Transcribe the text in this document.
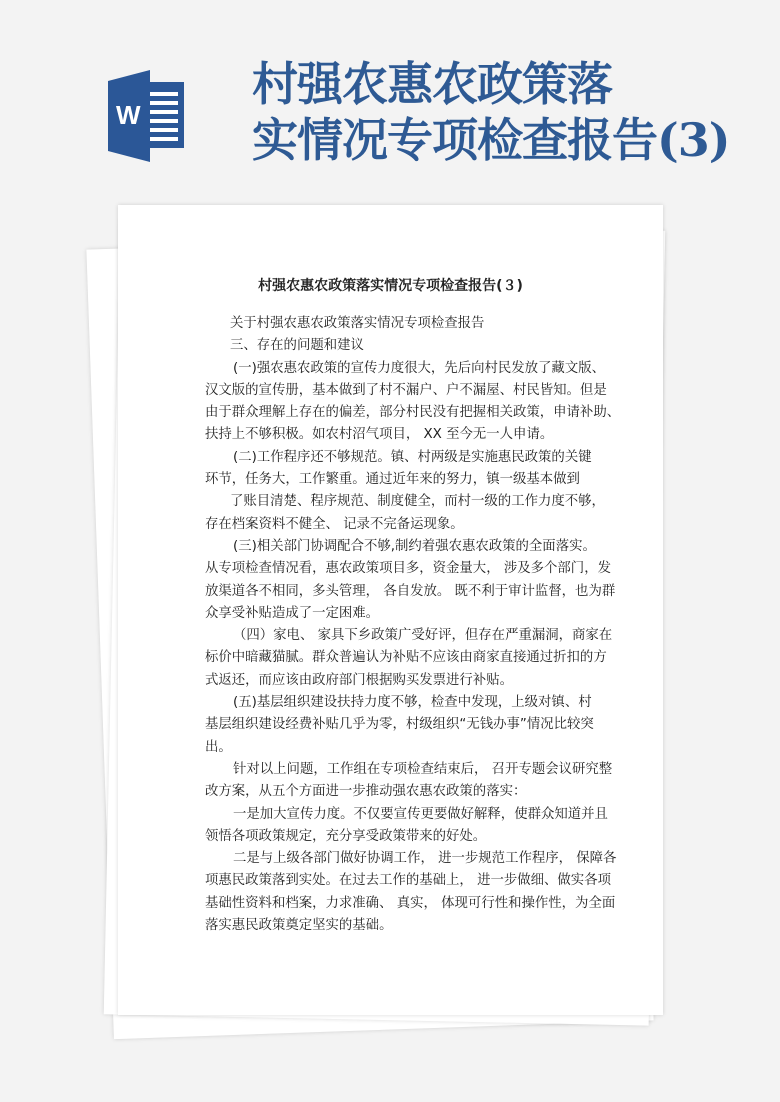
W
村强农惠农政策落
实情况专项检查报告(3)
村强农惠农政策落实情况专项检查报告(３)
关于村强农惠农政策落实情况专项检查报告
三、存在的问题和建议
(一)强农惠农政策的宣传力度很大，先后向村民发放了藏文版、
汉文版的宣传册，基本做到了村不漏户、户不漏屋、村民皆知。但是
由于群众理解上存在的偏差，部分村民没有把握相关政策，申请补助、
扶持上不够积极。如农村沼气项目， XX 至今无一人申请。
(二)工作程序还不够规范。镇、村两级是实施惠民政策的关键
环节，任务大，工作繁重。通过近年来的努力，镇一级基本做到
了账目清楚、程序规范、制度健全，而村一级的工作力度不够，
存在档案资料不健全、 记录不完备运现象。
(三)相关部门协调配合不够,制约着强农惠农政策的全面落实。
从专项检查情况看，惠农政策项目多，资金量大， 涉及多个部门，发
放渠道各不相同，多头管理， 各自发放。 既不利于审计监督，也为群
众享受补贴造成了一定困难。
（四）家电、 家具下乡政策广受好评，但存在严重漏洞，商家在
标价中暗藏猫腻。群众普遍认为补贴不应该由商家直接通过折扣的方
式返还，而应该由政府部门根据购买发票进行补贴。
(五)基层组织建设扶持力度不够，检查中发现，上级对镇、村
基层组织建设经费补贴几乎为零，村级组织“无钱办事”情况比较突
出。
针对以上问题，工作组在专项检查结束后， 召开专题会议研究整
改方案，从五个方面进一步推动强农惠农政策的落实：
一是加大宣传力度。不仅要宣传更要做好解释，使群众知道并且
领悟各项政策规定，充分享受政策带来的好处。
二是与上级各部门做好协调工作， 进一步规范工作程序， 保障各
项惠民政策落到实处。在过去工作的基础上， 进一步做细、做实各项
基础性资料和档案，力求准确、 真实， 体现可行性和操作性，为全面
落实惠民政策奠定坚实的基础。
